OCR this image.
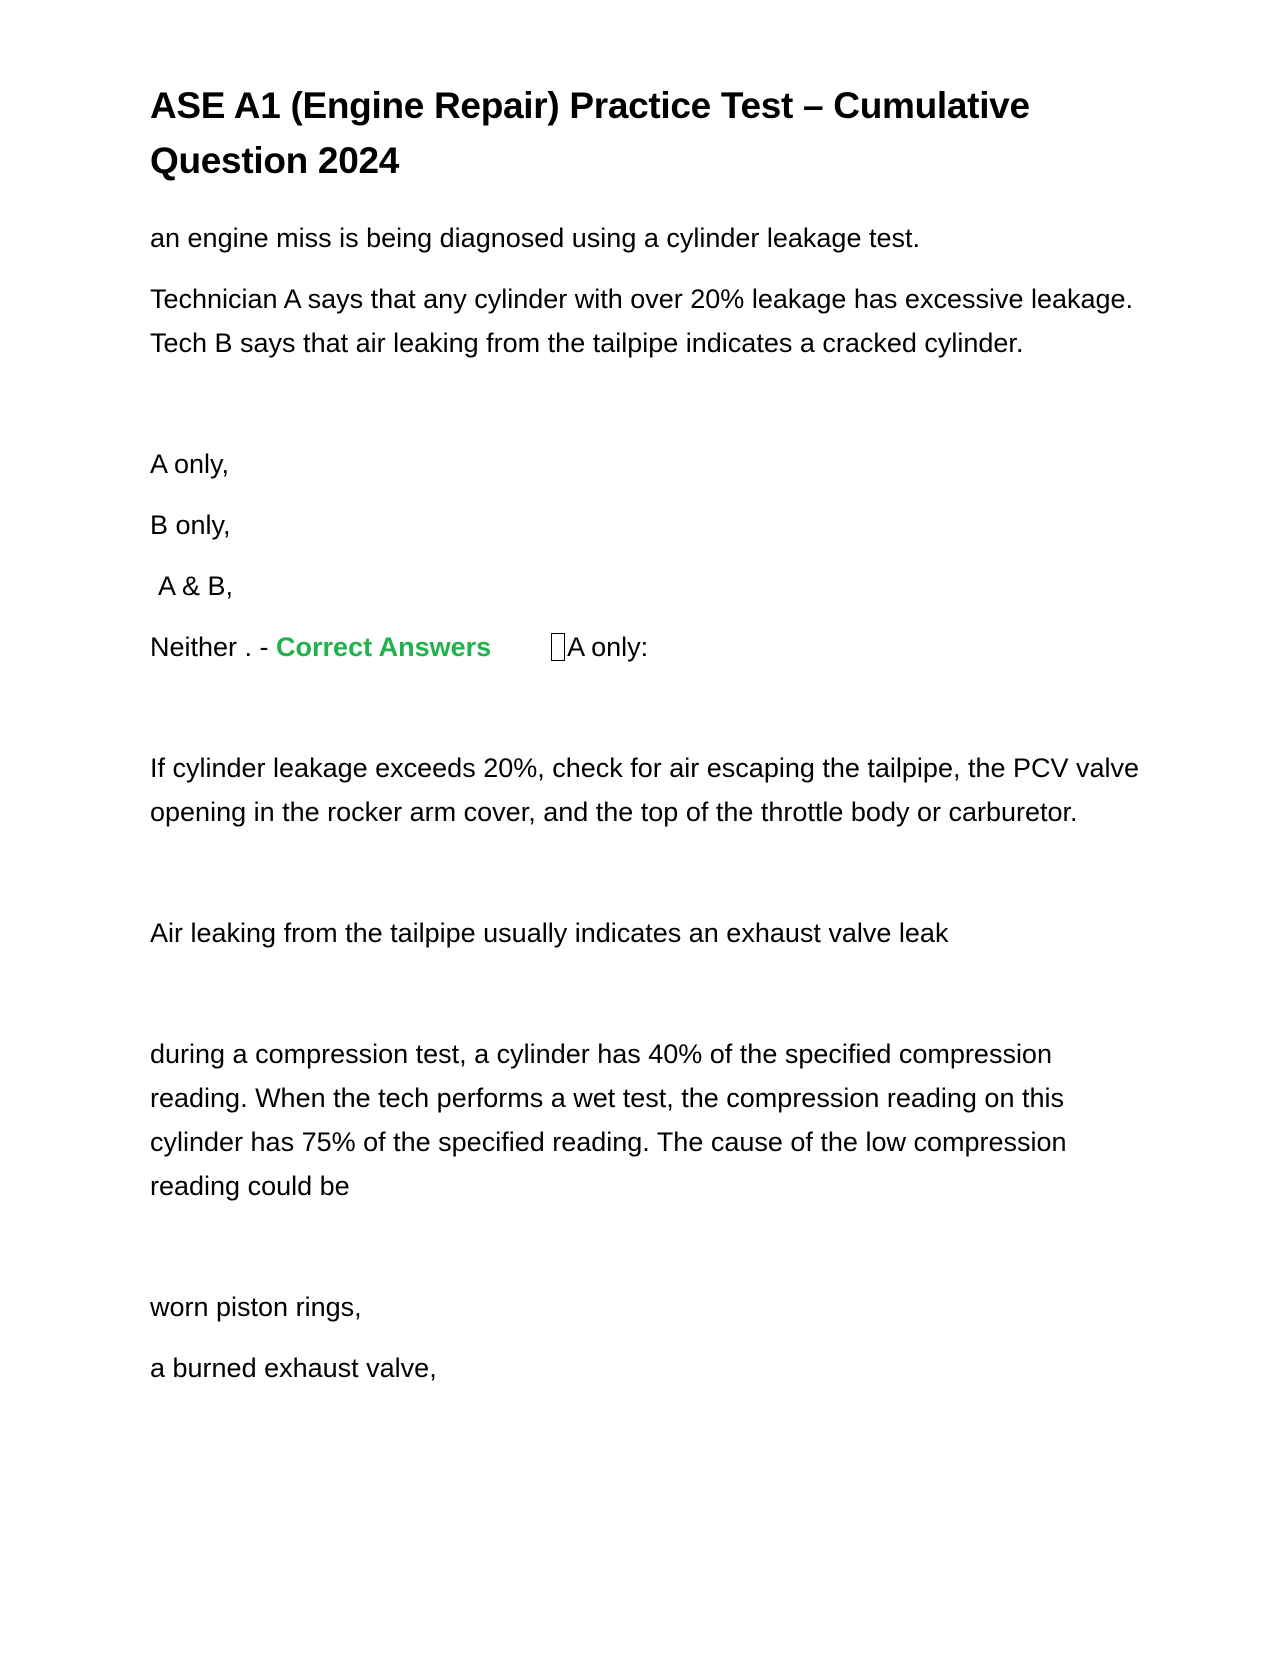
ASE A1 (Engine Repair) Practice Test – Cumulative Question 2024

an engine miss is being diagnosed using a cylinder leakage test.

Technician A says that any cylinder with over 20% leakage has excessive leakage. Tech B says that air leaking from the tailpipe indicates a cracked cylinder.

A only,

B only,

A & B,

Neither . - Correct Answers	A only:

If cylinder leakage exceeds 20%, check for air escaping the tailpipe, the PCV valve opening in the rocker arm cover, and the top of the throttle body or carburetor.

Air leaking from the tailpipe usually indicates an exhaust valve leak

during a compression test, a cylinder has 40% of the specified compression reading. When the tech performs a wet test, the compression reading on this cylinder has 75% of the specified reading. The cause of the low compression reading could be

worn piston rings,

a burned exhaust valve,
